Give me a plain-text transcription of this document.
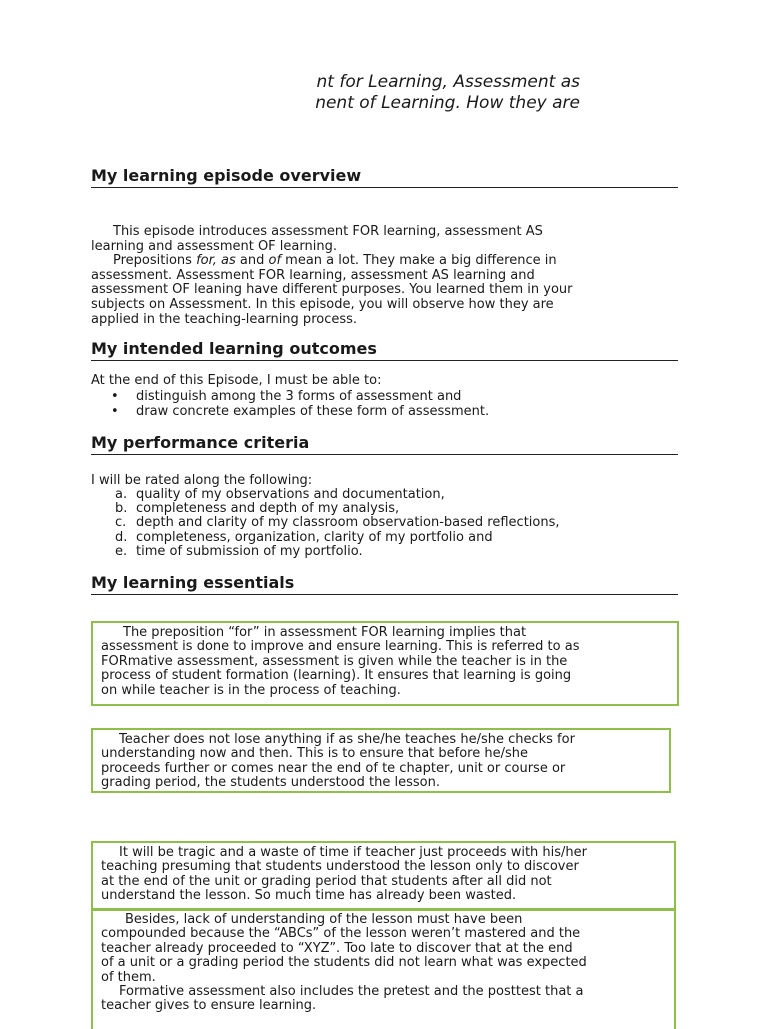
nt for Learning, Assessment as
nent of Learning. How they are
My learning episode overview
This episode introduces assessment FOR learning, assessment AS
learning and assessment OF learning.
Prepositions for, as and of mean a lot. They make a big difference in
assessment. Assessment FOR learning, assessment AS learning and
assessment OF leaning have different purposes. You learned them in your
subjects on Assessment. In this episode, you will observe how they are
applied in the teaching-learning process.
My intended learning outcomes
At the end of this Episode, I must be able to:
• distinguish among the 3 forms of assessment and
• draw concrete examples of these form of assessment.
My performance criteria
I will be rated along the following:
a. quality of my observations and documentation,
b. completeness and depth of my analysis,
c. depth and clarity of my classroom observation-based reflections,
d. completeness, organization, clarity of my portfolio and
e. time of submission of my portfolio.
My learning essentials

The preposition “for” in assessment FOR learning implies that

assessment is done to improve and ensure learning. This is referred to as

FORmative assessment, assessment is given while the teacher is in the

process of student formation (learning). It ensures that learning is going

on while teacher is in the process of teaching.

Teacher does not lose anything if as she/he teaches he/she checks for

understanding now and then. This is to ensure that before he/she

proceeds further or comes near the end of te chapter, unit or course or

grading period, the students understood the lesson.

It will be tragic and a waste of time if teacher just proceeds with his/her

teaching presuming that students understood the lesson only to discover

at the end of the unit or grading period that students after all did not

understand the lesson. So much time has already been wasted.

Besides, lack of understanding of the lesson must have been

compounded because the “ABCs” of the lesson weren’t mastered and the

teacher already proceeded to “XYZ”. Too late to discover that at the end

of a unit or a grading period the students did not learn what was expected

of them.

Formative assessment also includes the pretest and the posttest that a

teacher gives to ensure learning.
